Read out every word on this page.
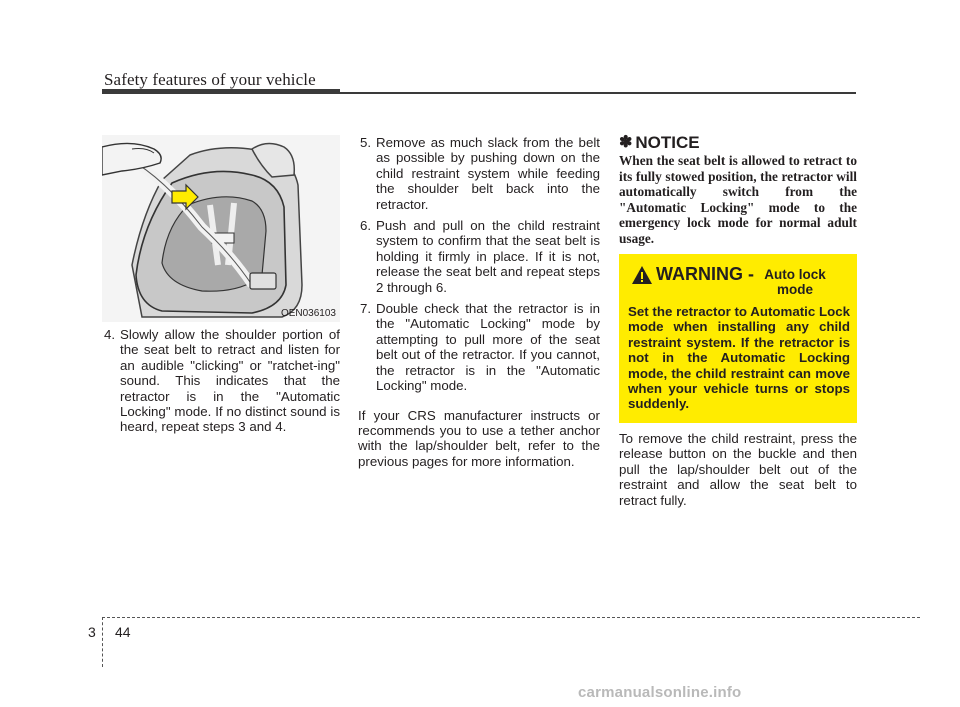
Safety features of your vehicle
OEN036103
4. Slowly allow the shoulder portion of the seat belt to retract and listen for an audible "clicking" or "ratchet-ing" sound. This indicates that the retractor is in the "Automatic Locking" mode. If no distinct sound is heard, repeat steps 3 and 4.
5. Remove as much slack from the belt as possible by pushing down on the child restraint system while feeding the shoulder belt back into the retractor.
6. Push and pull on the child restraint system to confirm that the seat belt is holding it firmly in place. If it is not, release the seat belt and repeat steps 2 through 6.
7. Double check that the retractor is in the "Automatic Locking" mode by attempting to pull more of the seat belt out of the retractor. If you cannot, the retractor is in the "Automatic Locking" mode.
If your CRS manufacturer instructs or recommends you to use a tether anchor with the lap/shoulder belt, refer to the previous pages for more information.
✽ NOTICE
When the seat belt is allowed to retract to its fully stowed position, the retractor will automatically switch from the "Automatic Locking" mode to the emergency lock mode for normal adult usage.
WARNING - Auto lock mode
Set the retractor to Automatic Lock mode when installing any child restraint system. If the retractor is not in the Automatic Locking mode, the child restraint can move when your vehicle turns or stops suddenly.
To remove the child restraint, press the release button on the buckle and then pull the lap/shoulder belt out of the restraint and allow the seat belt to retract fully.
3 44
carmanualsonline.info
